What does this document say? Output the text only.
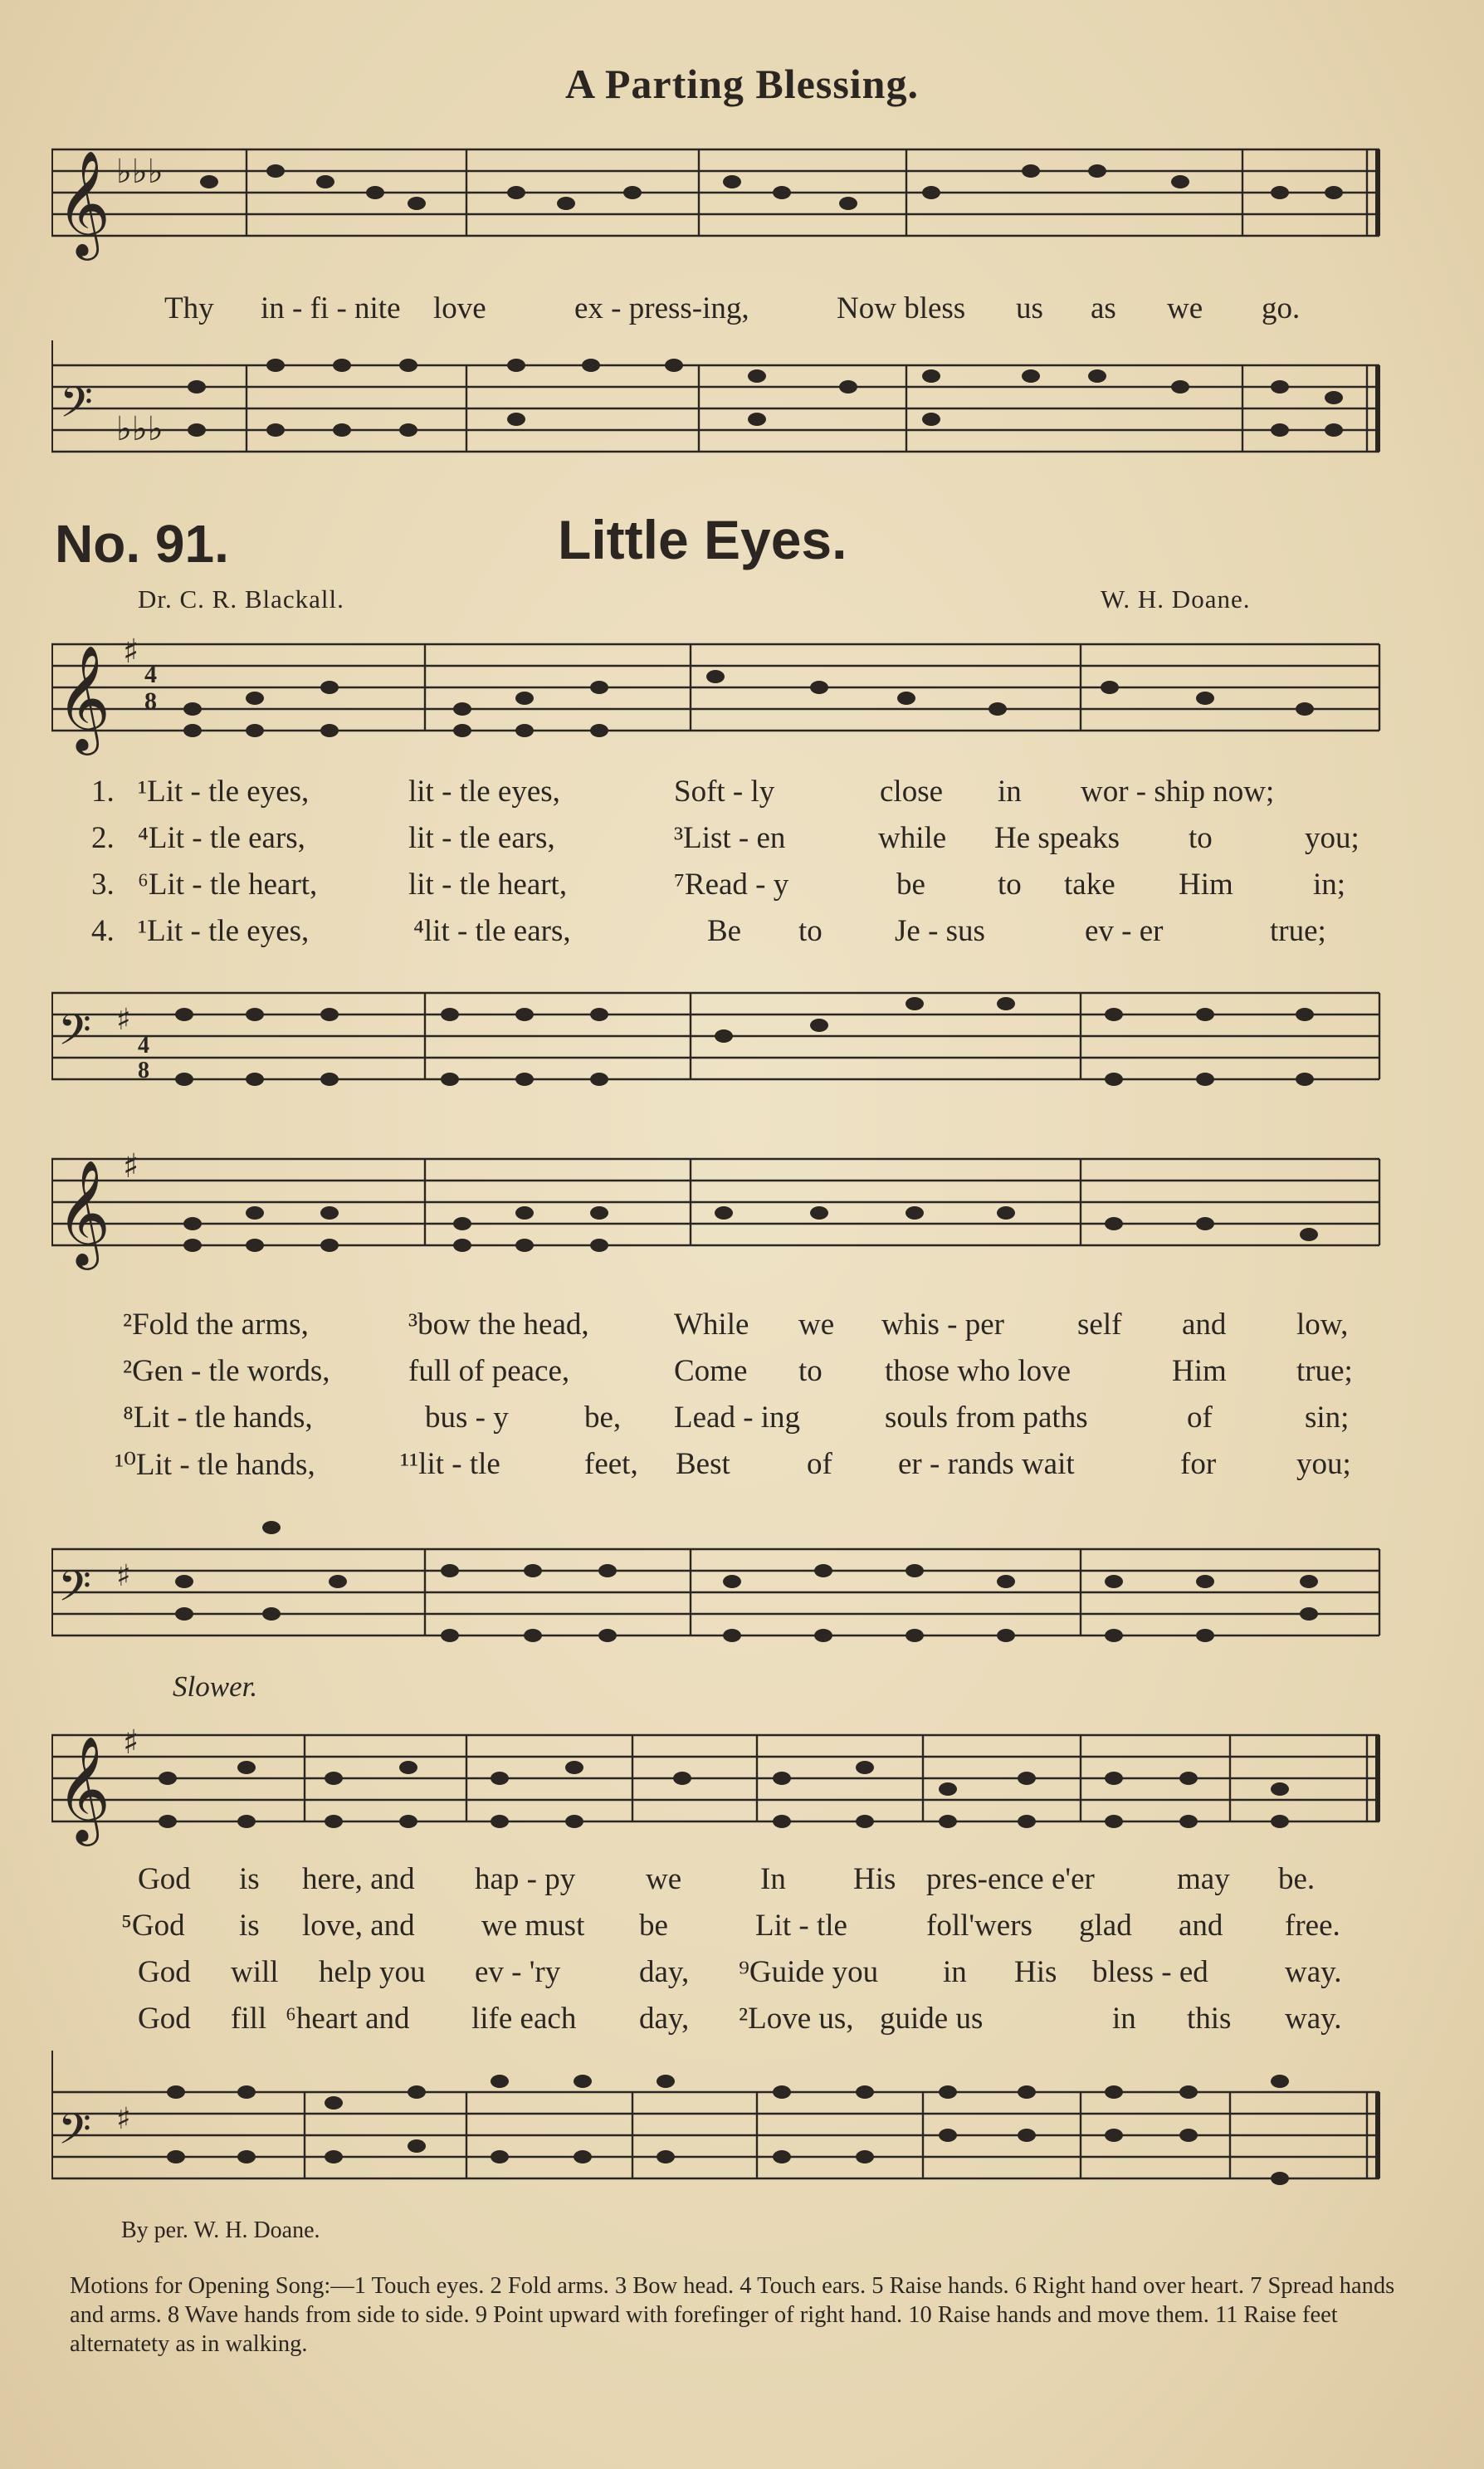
A Parting Blessing.
𝄞 ♭♭♭
Thy in - fi - nite love	ex - press-ing,	Now bless us as we go.
𝄢 ♭♭♭
No. 91.	Little Eyes.
Dr. C. R. Blackall.	W. H. Doane.
𝄞 ♯
4
8
1. ¹Lit - tle eyes,	lit - tle eyes,	Soft - ly	close in wor - ship now;
2. ⁴Lit - tle ears,	lit - tle ears,	³List - en	while He speaks to	you;
3. ⁶Lit - tle heart,	lit - tle heart,	⁷Read - y	be to take Him	in;
4. ¹Lit - tle eyes,	⁴lit - tle ears,	Be to Je - sus	ev - er	true;
𝄢 ♯
4
8
𝄞 ♯
²Fold the arms,	³bow the head,	While we whis - per self and low,
²Gen - tle words,	full of peace,	Come to those who love	Him true;
⁸Lit - tle hands,	bus - y be, Lead - ing	souls from paths	of	sin;
¹⁰Lit - tle hands,	¹¹lit - tle	feet, Best of er - rands wait	for	you;
𝄢 ♯
Slower.
𝄞 ♯
God is here, and hap - py we	In His pres-ence e'er	may be.
⁵God is love, and we must be	Lit - tle	foll'wers glad and free.
God will help you ev - 'ry	day, ⁹Guide you in His bless - ed way.
God fill ⁶heart and life each day, ²Love us, guide us	in this way.
𝄢 ♯
By per. W. H. Doane.
Motions for Opening Song:—1 Touch eyes. 2 Fold arms. 3 Bow head. 4 Touch ears. 5 Raise hands. 6 Right hand over heart. 7 Spread hands and arms. 8 Wave hands from side to side. 9 Point upward with forefinger of right hand. 10 Raise hands and move them. 11 Raise feet alternatety as in walking.
